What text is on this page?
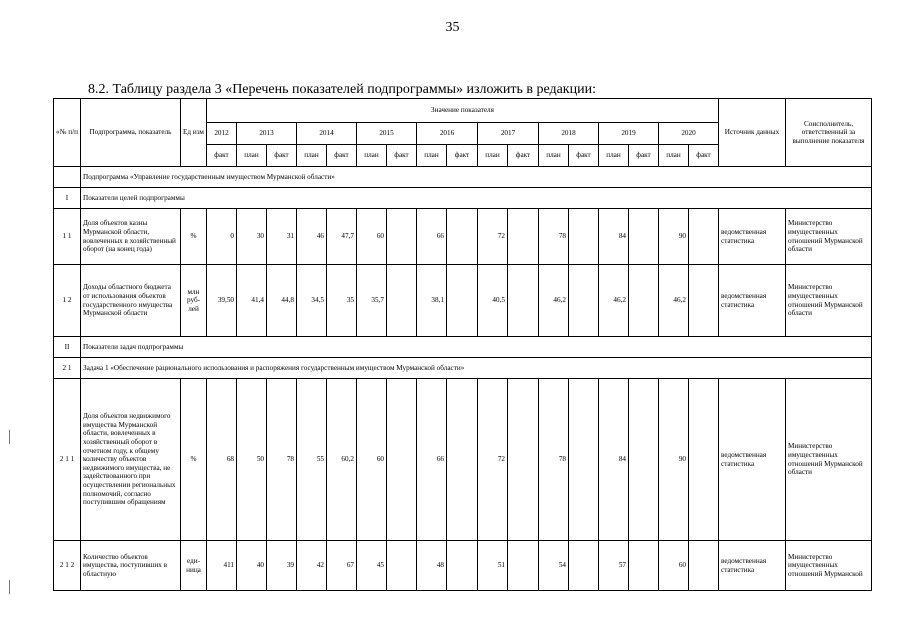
35
8.2. Таблицу раздела 3 «Перечень показателей подпрограммы» изложить в редакции:
«№ п/п	Подпрограмма, показатель	Ед изм	Значение показателя																	Источник данных	Соисполнитель, ответственный за выполнение показателя
			2012	2013		2014		2015		2016		2017		2018		2019		2020			
			факт	план	факт	план	факт	план	факт	план	факт	план	факт	план	факт	план	факт	план	факт		
	Подпрограмма «Управление государственным имуществом Мурманской области»																				
I	Показатели целей подпрограммы																				
1 1	Доля объектов казны Мурманской области, вовлеченных в хозяйственный оборот (на конец года)	%	0	30	31	46	47,7	60		66		72		78		84		90		ведомственная статистика	Министерство имущественных отношений Мурманской области
1 2	Доходы областного бюджета от использования объектов государственного имущества Мурманской области	млн руб-лей	39,50	41,4	44,8	34,5	35	35,7		38,1		40,5		46,2		46,2		46,2		ведомственная статистика	Министерство имущественных отношений Мурманской области
II	Показатели задач подпрограммы																				
2 1	Задача 1 «Обеспечение рационального использования и распоряжения государственным имуществом Мурманской области»																				
2 1 1	Доля объектов недвижимого имущества Мурманской области, вовлеченных в хозяйственный оборот в отчетном году, к общему количеству объектов недвижимого имущества, не задействованного при осуществлении региональных полномочий, согласно поступившим обращениям	%	68	50	78	55	60,2	60		66		72		78		84		90		ведомственная статистика	Министерство имущественных отношений Мурманской области
2 1 2	Количество объектов имущества, поступивших в областную	еди-ница	411	40	39	42	67	45		48		51		54		57		60		ведомственная статистика	Министерство имущественных отношений Мурманской
